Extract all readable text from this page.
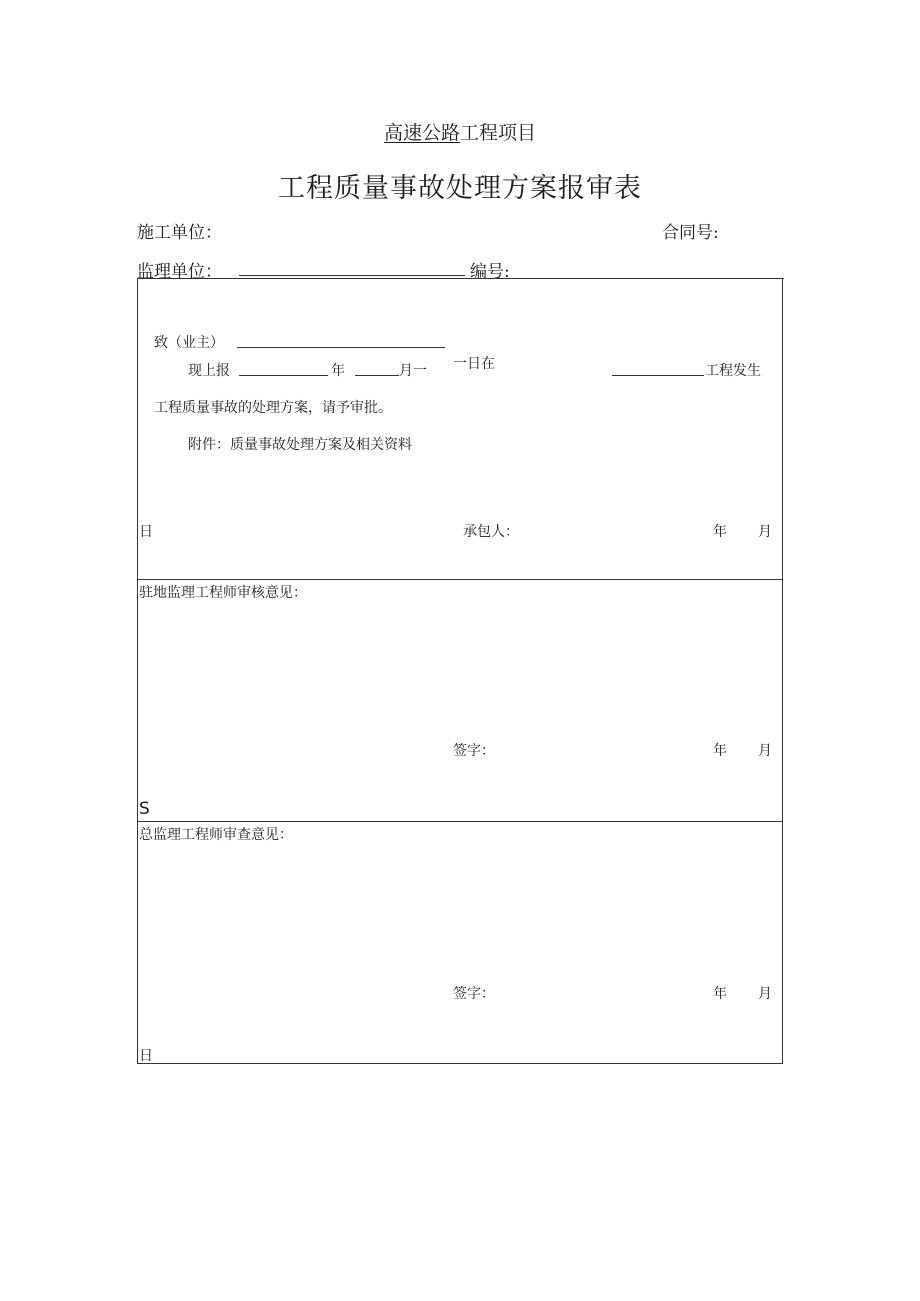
高速公路工程项目
工程质量事故处理方案报审表
施工单位：	合同号:
监理单位：	编号:
致（业主）
现上报	年	月一 一日在	工程发生
工程质量事故的处理方案，请予审批。
附件：质量事故处理方案及相关资料
日	承包人：	年 月
驻地监理工程师审核意见：
签字：	年 月
S
总监理工程师审查意见：
签字：	年 月
日
